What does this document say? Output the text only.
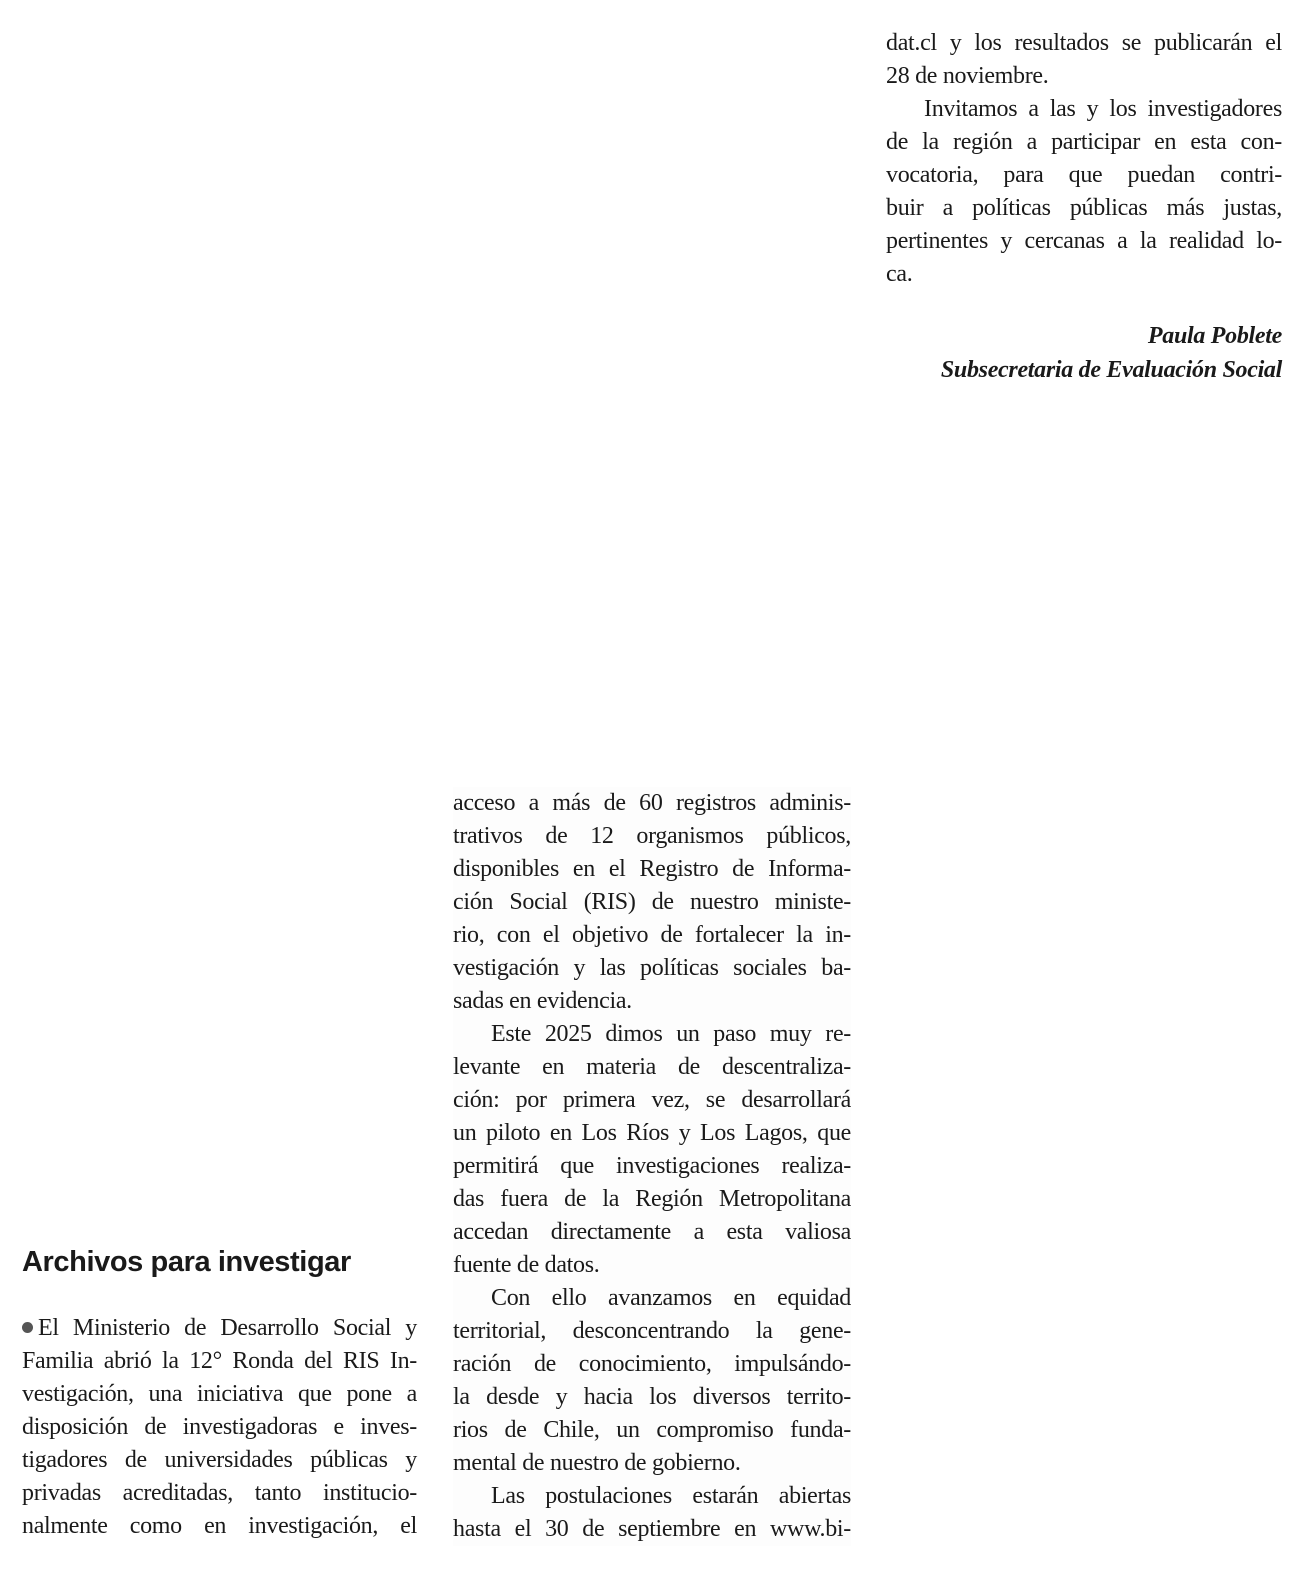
dat.cl y los resultados se publicarán el
28 de noviembre.
Invitamos a las y los investigadores
de la región a participar en esta con-
vocatoria, para que puedan contri-
buir a políticas públicas más justas,
pertinentes y cercanas a la realidad lo-
ca.
Paula Poblete
Subsecretaria de Evaluación Social
acceso a más de 60 registros adminis-
trativos de 12 organismos públicos,
disponibles en el Registro de Informa-
ción Social (RIS) de nuestro ministe-
rio, con el objetivo de fortalecer la in-
vestigación y las políticas sociales ba-
sadas en evidencia.
Este 2025 dimos un paso muy re-
levante en materia de descentraliza-
ción: por primera vez, se desarrollará
un piloto en Los Ríos y Los Lagos, que
permitirá que investigaciones realiza-
das fuera de la Región Metropolitana
accedan directamente a esta valiosa
fuente de datos.
Con ello avanzamos en equidad
territorial, desconcentrando la gene-
ración de conocimiento, impulsándo-
la desde y hacia los diversos territo-
rios de Chile, un compromiso funda-
mental de nuestro de gobierno.
Las postulaciones estarán abiertas
hasta el 30 de septiembre en www.bi-
Archivos para investigar
El Ministerio de Desarrollo Social y
Familia abrió la 12° Ronda del RIS In-
vestigación, una iniciativa que pone a
disposición de investigadoras e inves-
tigadores de universidades públicas y
privadas acreditadas, tanto institucio-
nalmente como en investigación, el
